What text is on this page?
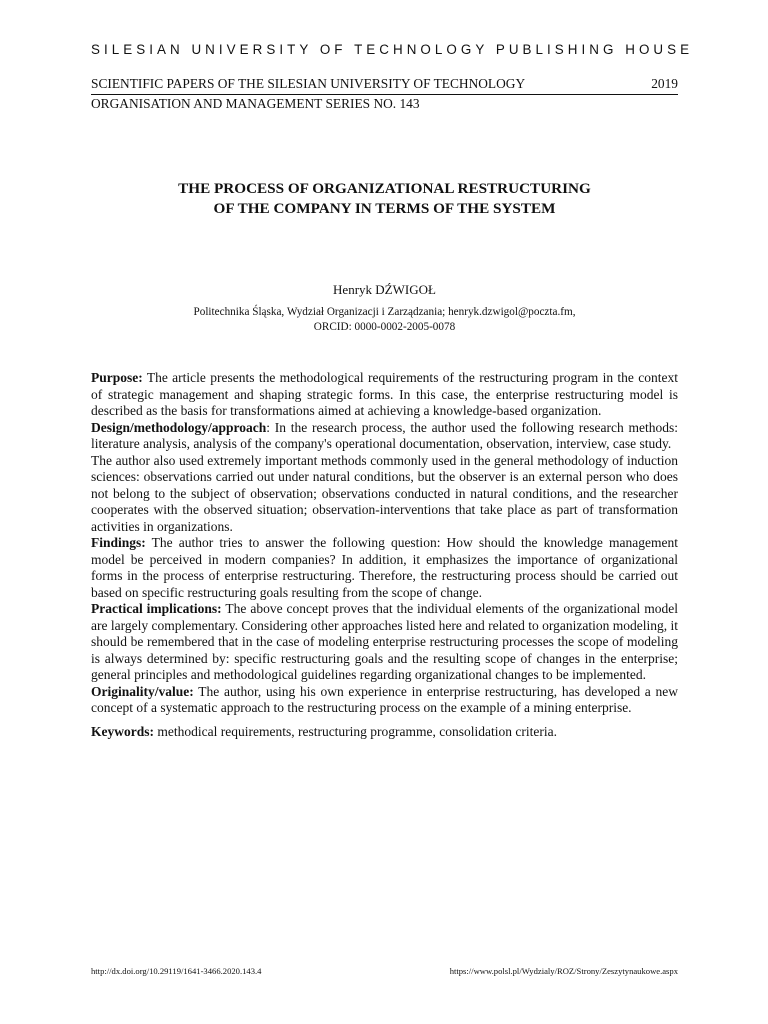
SILESIAN UNIVERSITY OF TECHNOLOGY PUBLISHING HOUSE
SCIENTIFIC PAPERS OF THE SILESIAN UNIVERSITY OF TECHNOLOGY	2019
ORGANISATION AND MANAGEMENT SERIES NO. 143
THE PROCESS OF ORGANIZATIONAL RESTRUCTURING
OF THE COMPANY IN TERMS OF THE SYSTEM
Henryk DŹWIGOŁ
Politechnika Śląska, Wydział Organizacji i Zarządzania; henryk.dzwigol@poczta.fm,
ORCID: 0000-0002-2005-0078

Purpose: The article presents the methodological requirements of the restructuring program in the context of strategic management and shaping strategic forms. In this case, the enterprise restructuring model is described as the basis for transformations aimed at achieving a knowledge-based organization.

Design/methodology/approach: In the research process, the author used the following research methods: literature analysis, analysis of the company's operational documentation, observation, interview, case study.

The author also used extremely important methods commonly used in the general methodology of induction sciences: observations carried out under natural conditions, but the observer is an external person who does not belong to the subject of observation; observations conducted in natural conditions, and the researcher cooperates with the observed situation; observation-interventions that take place as part of transformation activities in organizations.

Findings: The author tries to answer the following question: How should the knowledge management model be perceived in modern companies? In addition, it emphasizes the importance of organizational forms in the process of enterprise restructuring. Therefore, the restructuring process should be carried out based on specific restructuring goals resulting from the scope of change.

Practical implications: The above concept proves that the individual elements of the organizational model are largely complementary. Considering other approaches listed here and related to organization modeling, it should be remembered that in the case of modeling enterprise restructuring processes the scope of modeling is always determined by: specific restructuring goals and the resulting scope of changes in the enterprise; general principles and methodological guidelines regarding organizational changes to be implemented.

Originality/value: The author, using his own experience in enterprise restructuring, has developed a new concept of a systematic approach to the restructuring process on the example of a mining enterprise.

Keywords: methodical requirements, restructuring programme, consolidation criteria.

http://dx.doi.org/10.29119/1641-3466.2020.143.4	https://www.polsl.pl/Wydzialy/ROZ/Strony/Zeszytynaukowe.aspx
